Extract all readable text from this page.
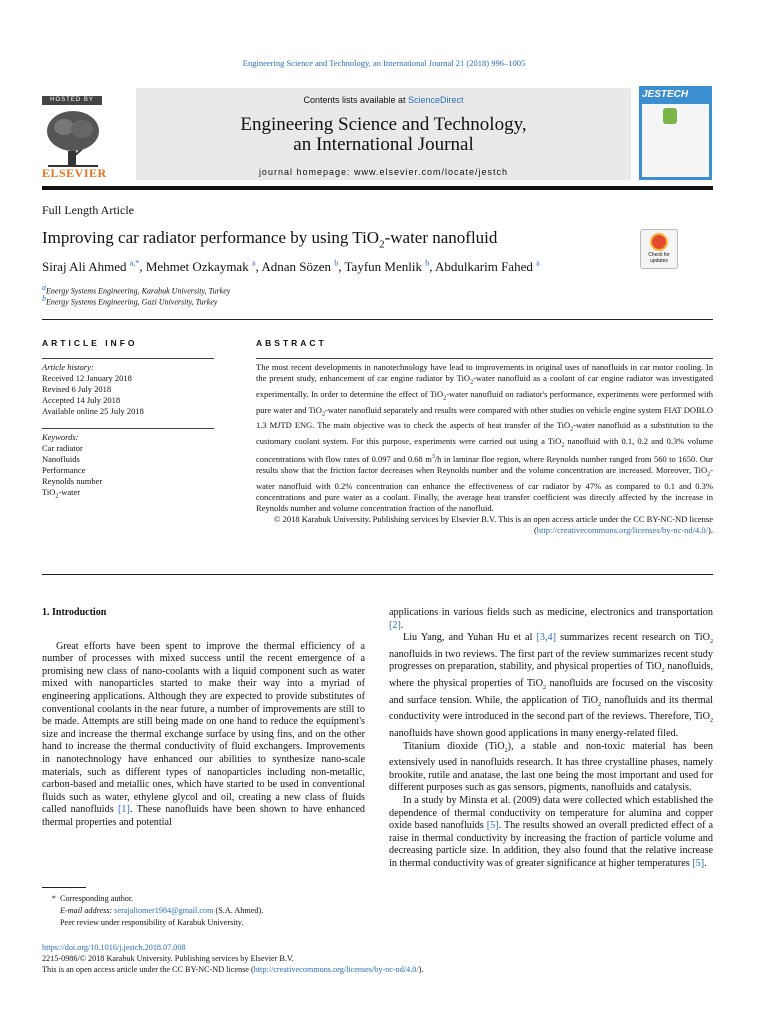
Engineering Science and Technology, an International Journal 21 (2018) 996–1005
HOSTED BY
ELSEVIER
Contents lists available at ScienceDirect
Engineering Science and Technology,
an International Journal
journal homepage: www.elsevier.com/locate/jestch
JESTECH
Full Length Article
Improving car radiator performance by using TiO$_2$-water nanofluid
Check for updates
Siraj Ali Ahmed $^{a,*}$, Mehmet Ozkaymak $^a$, Adnan Sözen $^b$, Tayfun Menlik $^b$, Abdulkarim Fahed $^a$
$^a$Energy Systems Engineering, Karabuk University, Turkey
$^b$Energy Systems Engineering, Gazi University, Turkey
ARTICLE INFO
Article history:
Received 12 January 2018
Revised 6 July 2018
Accepted 14 July 2018
Available online 25 July 2018
Keywords:
Car radiator
Nanofluids
Performance
Reynolds number
TiO$_2$-water
ABSTRACT

The most recent developments in nanotechnology have lead to improvements in original uses of nanofluids in car motor cooling. In the present study, enhancement of car engine radiator by TiO$_2$-water nanofluid as a coolant of car engine radiator was investigated experimentally. In order to determine the effect of TiO$_2$-water nanofluid on radiator's performance, experiments were performed with pure water and TiO$_2$-water nanofluid separately and results were compared with other studies on vehicle engine system FIAT DOBLO 1.3 MJTD ENG. The main objective was to check the aspects of heat transfer of the TiO$_2$-water nanofluid as a substitution to the customary coolant system. For this purpose, experiments were carried out using a TiO$_2$ nanofluid with 0.1, 0.2 and 0.3% volume concentrations with flow rates of 0.097 and 0.68 $m^3/h$ in laminar floe region, where Reynolds number ranged from 560 to 1650. Our results show that the friction factor decreases when Reynolds number and the volume concentration are increased. Moreover, TiO$_2$-water nanofluid with 0.2% concentration can enhance the effectiveness of car radiator by 47% as compared to 0.1 and 0.3% concentrations and pure water as a coolant. Finally, the average heat transfer coefficient was directly affected by the increase in Reynolds number and volume concentration fraction of the nanofluid.

© 2018 Karabuk University. Publishing services by Elsevier B.V. This is an open access article under the CC BY-NC-ND license (http://creativecommons.org/licenses/by-nc-nd/4.0/).

1. Introduction

Great efforts have been spent to improve the thermal efficiency of a number of processes with mixed success until the recent emergence of a promising new class of nano-coolants with a liquid component such as water mixed with nanoparticles started to make their way into a myriad of engineering applications. Although they are expected to provide substitutes of conventional coolants in the near future, a number of improvements are still to be made. Attempts are still being made on one hand to reduce the equipment's size and increase the thermal exchange surface by using fins, and on the other hand to increase the thermal conductivity of fluid exchangers. Improvements in nanotechnology have enhanced our abilities to synthesize nano-scale materials, such as different types of nanoparticles including non-metallic, carbon-based and metallic ones, which have started to be used in conventional fluids such as water, ethylene glycol and oil, creating a new class of fluids called nanofluids [1]. These nanofluids have been shown to have enhanced thermal properties and potential

applications in various fields such as medicine, electronics and transportation [2].

Liu Yang, and Yuhan Hu et al [3,4] summarizes recent research on TiO$_2$ nanofluids in two reviews. The first part of the review summarizes recent study progresses on preparation, stability, and physical properties of TiO$_2$ nanofluids, where the physical properties of TiO$_2$ nanofluids are focused on the viscosity and surface tension. While, the application of TiO$_2$ nanofluids and its thermal conductivity were introduced in the second part of the reviews. Therefore, TiO$_2$ nanofluids have shown good applications in many energy-related filed.

Titanium dioxide (TiO$_2$), a stable and non-toxic material has been extensively used in nanofluids research. It has three crystalline phases, namely brookite, rutile and anatase, the last one being the most important and used for different purposes such as gas sensors, pigments, nanofluids and catalysis.

In a study by Minsta et al. (2009) data were collected which established the dependence of thermal conductivity on temperature for alumina and copper oxide based nanofluids [5]. The results showed an overall predicted effect of a raise in thermal conductivity by increasing the fraction of particle volume and decreasing particle size. In addition, they also found that the relative increase in thermal conductivity was of greater significance at higher temperatures [5].

* Corresponding author.
E-mail address: serajaliomer1984@gmail.com (S.A. Ahmed).
Peer review under responsibility of Karabuk University.
https://doi.org/10.1016/j.jestch.2018.07.008
2215-0986/© 2018 Karabuk University. Publishing services by Elsevier B.V.
This is an open access article under the CC BY-NC-ND license (http://creativecommons.org/licenses/by-nc-nd/4.0/).
